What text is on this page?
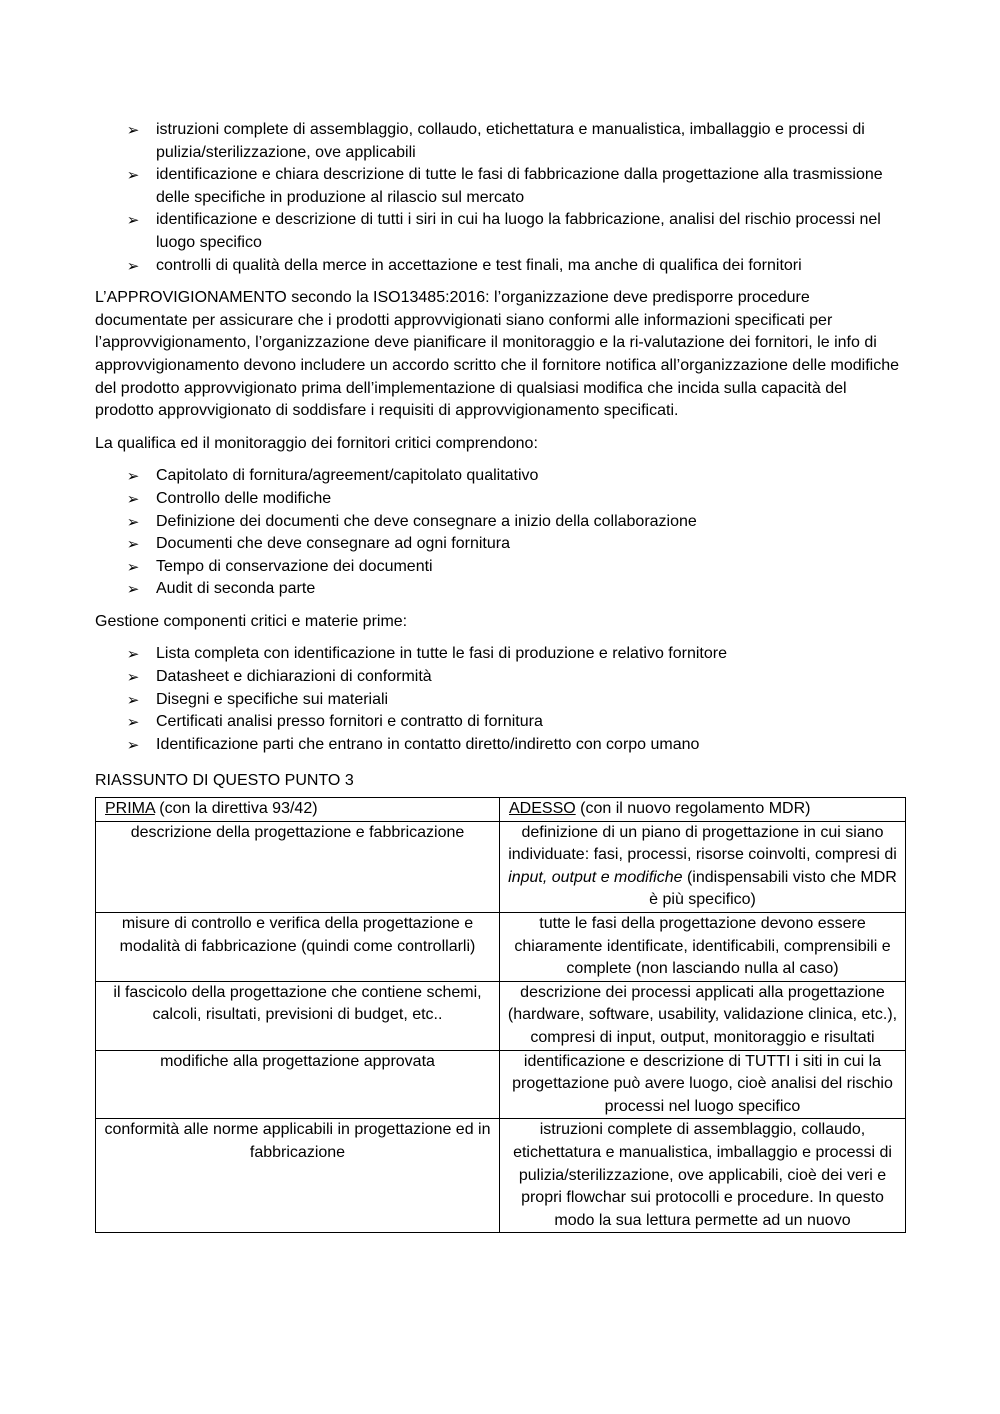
➢ istruzioni complete di assemblaggio, collaudo, etichettatura e manualistica, imballaggio e processi di pulizia/sterilizzazione, ove applicabili
➢ identificazione e chiara descrizione di tutte le fasi di fabbricazione dalla progettazione alla trasmissione delle specifiche in produzione al rilascio sul mercato
➢ identificazione e descrizione di tutti i siri in cui ha luogo la fabbricazione, analisi del rischio processi nel luogo specifico
➢ controlli di qualità della merce in accettazione e test finali, ma anche di qualifica dei fornitori

L’APPROVIGIONAMENTO secondo la ISO13485:2016: l’organizzazione deve predisporre procedure documentate per assicurare che i prodotti approvvigionati siano conformi alle informazioni specificati per l’approvvigionamento, l’organizzazione deve pianificare il monitoraggio e la ri-valutazione dei fornitori, le info di approvvigionamento devono includere un accordo scritto che il fornitore notifica all’organizzazione delle modifiche del prodotto approvvigionato prima dell’implementazione di qualsiasi modifica che incida sulla capacità del prodotto approvvigionato di soddisfare i requisiti di approvvigionamento specificati.

La qualifica ed il monitoraggio dei fornitori critici comprendono:

➢ Capitolato di fornitura/agreement/capitolato qualitativo
➢ Controllo delle modifiche
➢ Definizione dei documenti che deve consegnare a inizio della collaborazione
➢ Documenti che deve consegnare ad ogni fornitura
➢ Tempo di conservazione dei documenti
➢ Audit di seconda parte

Gestione componenti critici e materie prime:

➢ Lista completa con identificazione in tutte le fasi di produzione e relativo fornitore
➢ Datasheet e dichiarazioni di conformità
➢ Disegni e specifiche sui materiali
➢ Certificati analisi presso fornitori e contratto di fornitura
➢ Identificazione parti che entrano in contatto diretto/indiretto con corpo umano
RIASSUNTO DI QUESTO PUNTO 3
PRIMA (con la direttiva 93/42)	ADESSO (con il nuovo regolamento MDR)
descrizione della progettazione e fabbricazione	definizione di un piano di progettazione in cui siano individuate: fasi, processi, risorse coinvolti, compresi di input, output e modifiche (indispensabili visto che MDR è più specifico)
misure di controllo e verifica della progettazione e modalità di fabbricazione (quindi come controllarli)	tutte le fasi della progettazione devono essere chiaramente identificate, identificabili, comprensibili e complete (non lasciando nulla al caso)
il fascicolo della progettazione che contiene schemi, calcoli, risultati, previsioni di budget, etc..	descrizione dei processi applicati alla progettazione (hardware, software, usability, validazione clinica, etc.), compresi di input, output, monitoraggio e risultati
modifiche alla progettazione approvata	identificazione e descrizione di TUTTI i siti in cui la progettazione può avere luogo, cioè analisi del rischio processi nel luogo specifico
conformità alle norme applicabili in progettazione ed in fabbricazione	istruzioni complete di assemblaggio, collaudo, etichettatura e manualistica, imballaggio e processi di pulizia/sterilizzazione, ove applicabili, cioè dei veri e propri flowchar sui protocolli e procedure. In questo modo la sua lettura permette ad un nuovo
